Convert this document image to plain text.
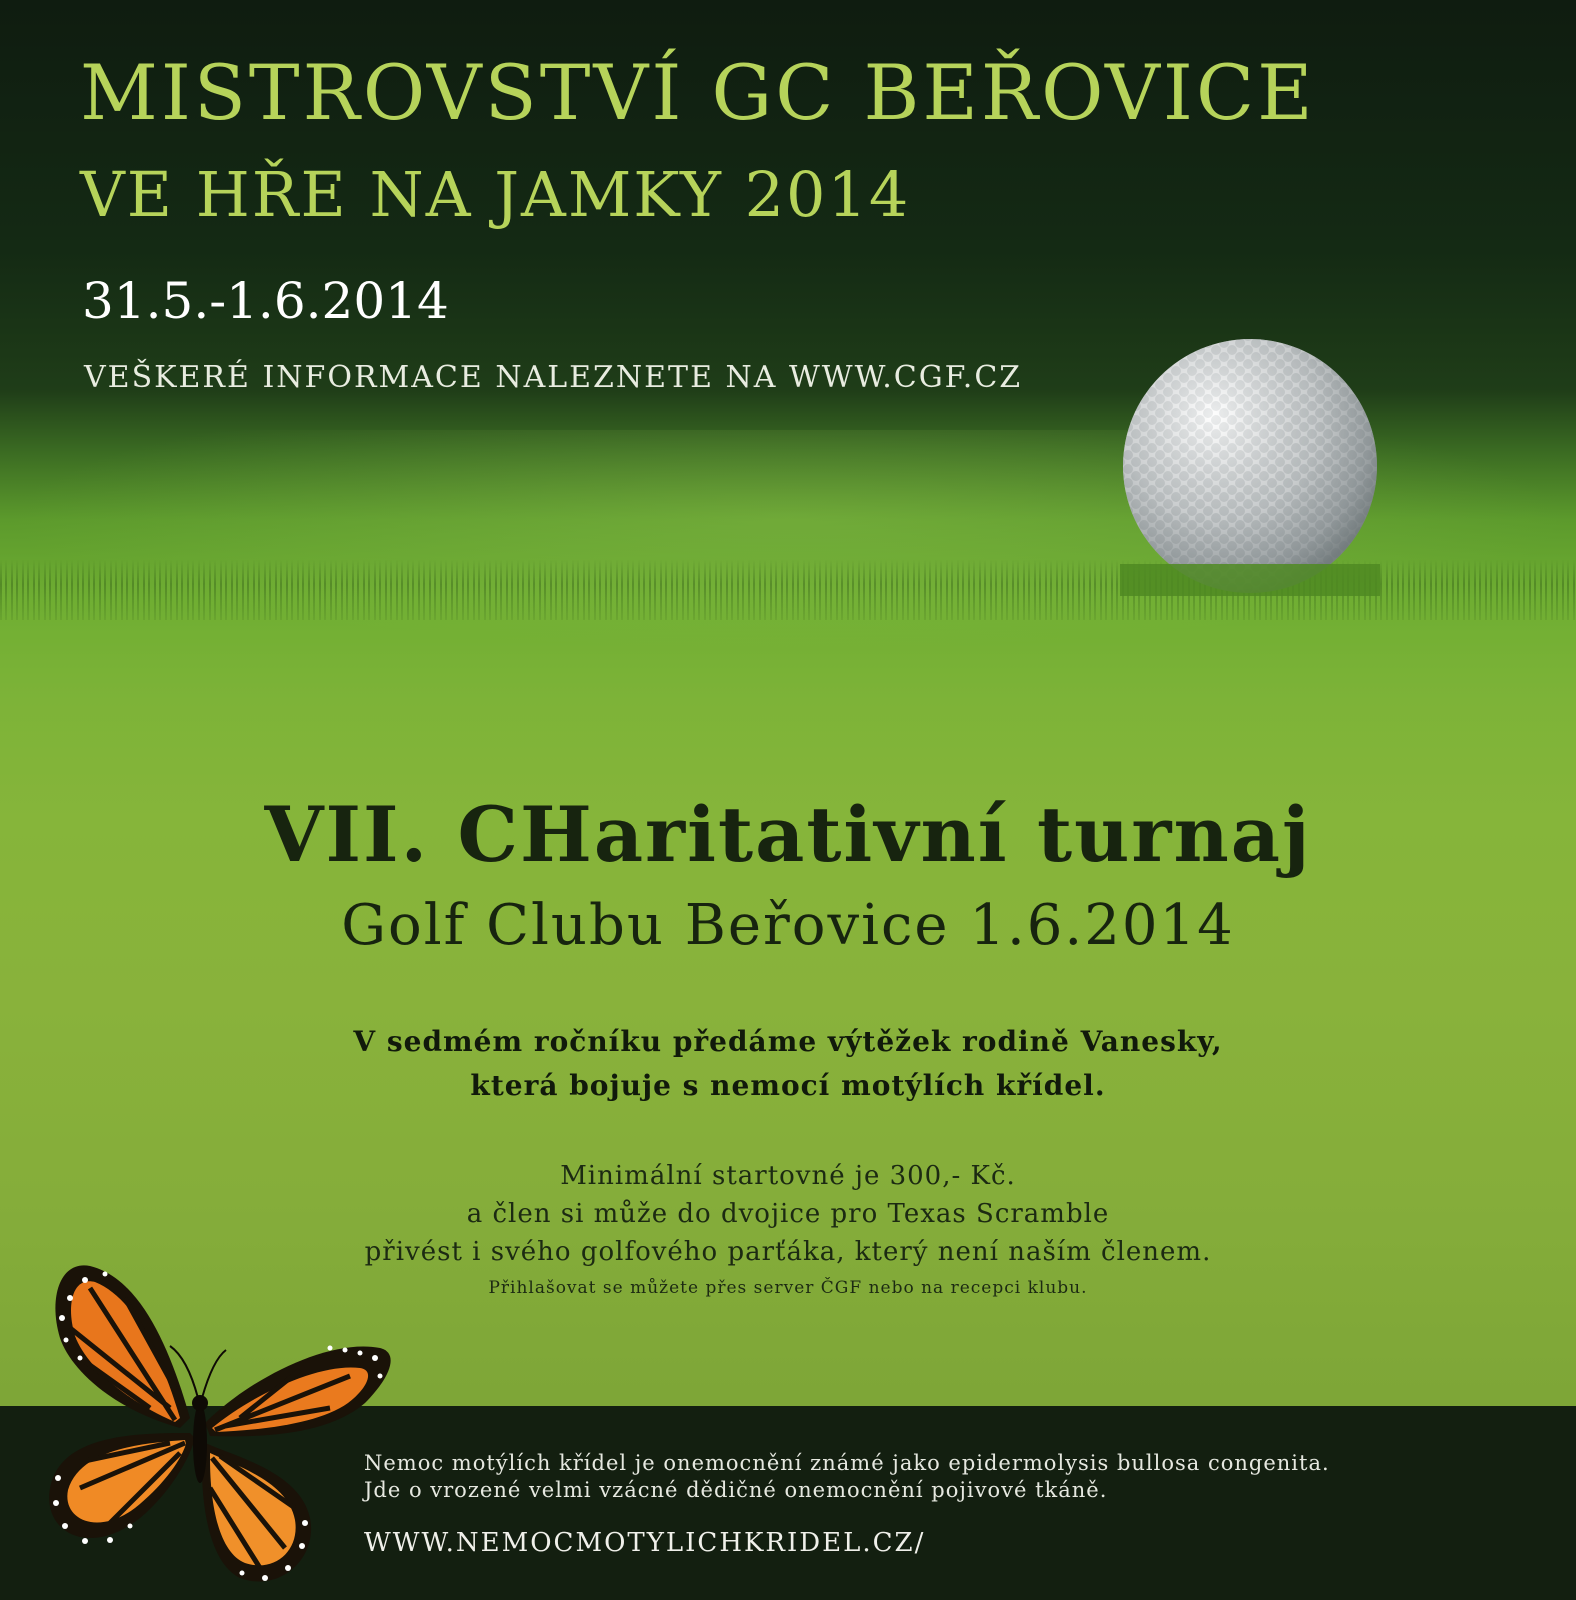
MISTROVSTVÍ GC BEŘOVICE
VE HŘE NA JAMKY 2014
31.5.-1.6.2014
VEŠKERÉ INFORMACE NALEZNETE NA WWW.CGF.CZ
VII. CHaritativní turnaj
Golf Clubu Beřovice 1.6.2014
V sedmém ročníku předáme výtěžek rodině Vanesky,
která bojuje s nemocí motýlích křídel.
Minimální startovné je 300,- Kč.
a člen si může do dvojice pro Texas Scramble
přivést i svého golfového parťáka, který není naším členem.
Přihlašovat se můžete přes server ČGF nebo na recepci klubu.
Nemoc motýlích křídel je onemocnění známé jako epidermolysis bullosa congenita.
Jde o vrozené velmi vzácné dědičné onemocnění pojivové tkáně.
WWW.NEMOCMOTYLICHKRIDEL.CZ/
